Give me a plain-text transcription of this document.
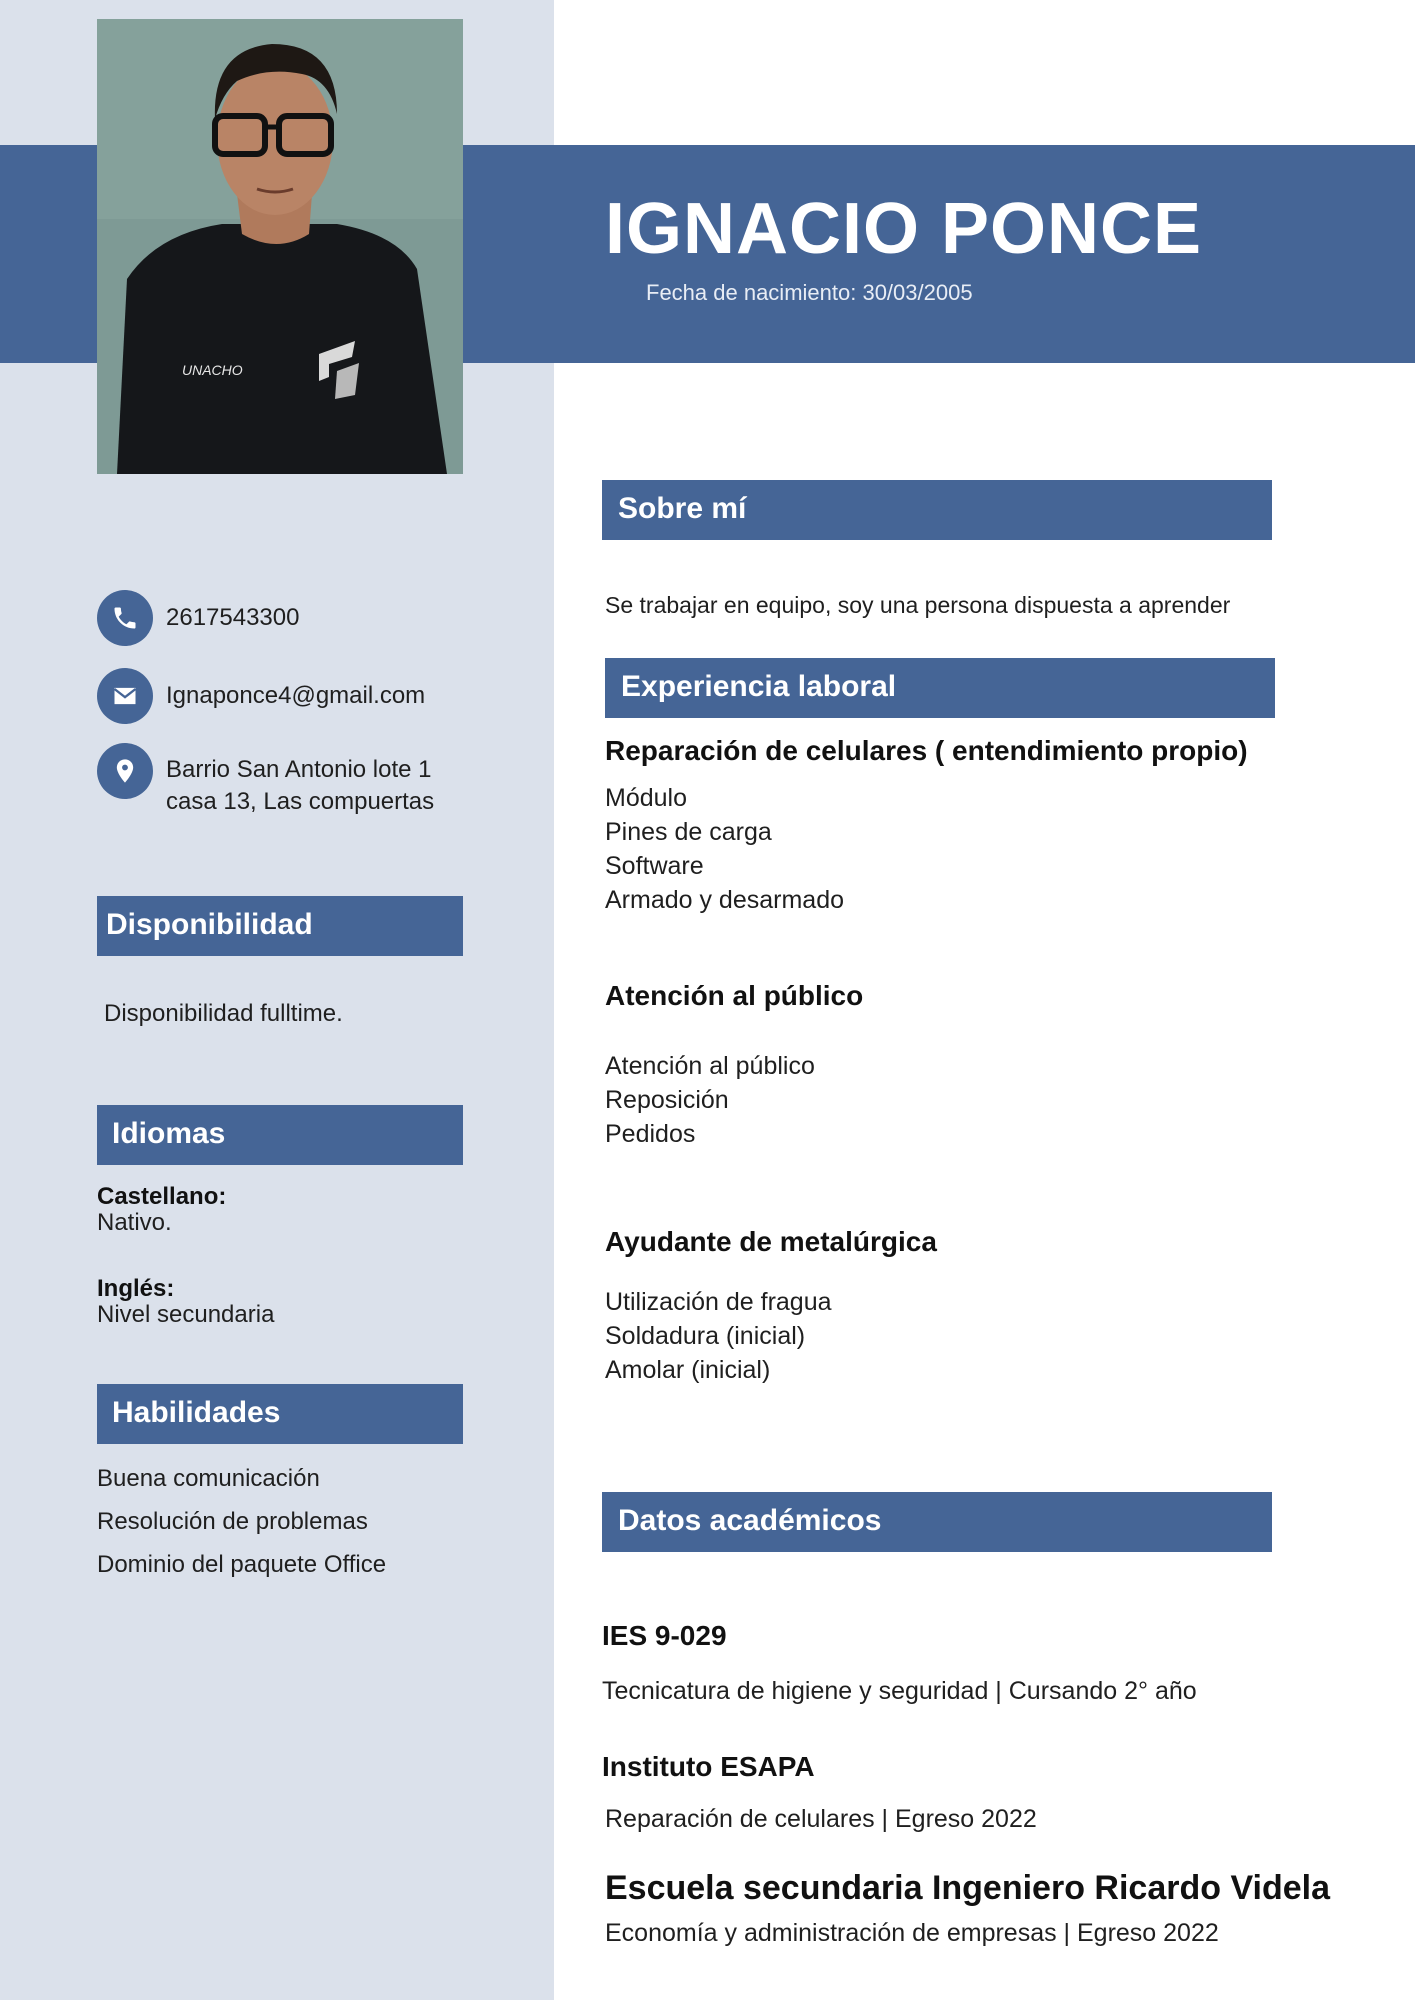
UNACHO
IGNACIO PONCE
Fecha de nacimiento: 30/03/2005
2617543300
Ignaponce4@gmail.com
Barrio San Antonio lote 1
casa 13, Las compuertas
Disponibilidad
Disponibilidad fulltime.
Idiomas
Castellano:
Nativo.
Inglés:
Nivel secundaria
Habilidades
Buena comunicación
Resolución de problemas
Dominio del paquete Office
Sobre mí
Se trabajar en equipo, soy una persona dispuesta a aprender
Experiencia laboral
Reparación de celulares ( entendimiento propio)
Módulo
Pines de carga
Software
Armado y desarmado
Atención al público
Atención al público
Reposición
Pedidos
Ayudante de metalúrgica
Utilización de fragua
Soldadura (inicial)
Amolar (inicial)
Datos académicos
IES 9-029
Tecnicatura de higiene y seguridad | Cursando 2° año
Instituto ESAPA
Reparación de celulares | Egreso 2022
Escuela secundaria Ingeniero Ricardo Videla
Economía y administración de empresas | Egreso 2022
